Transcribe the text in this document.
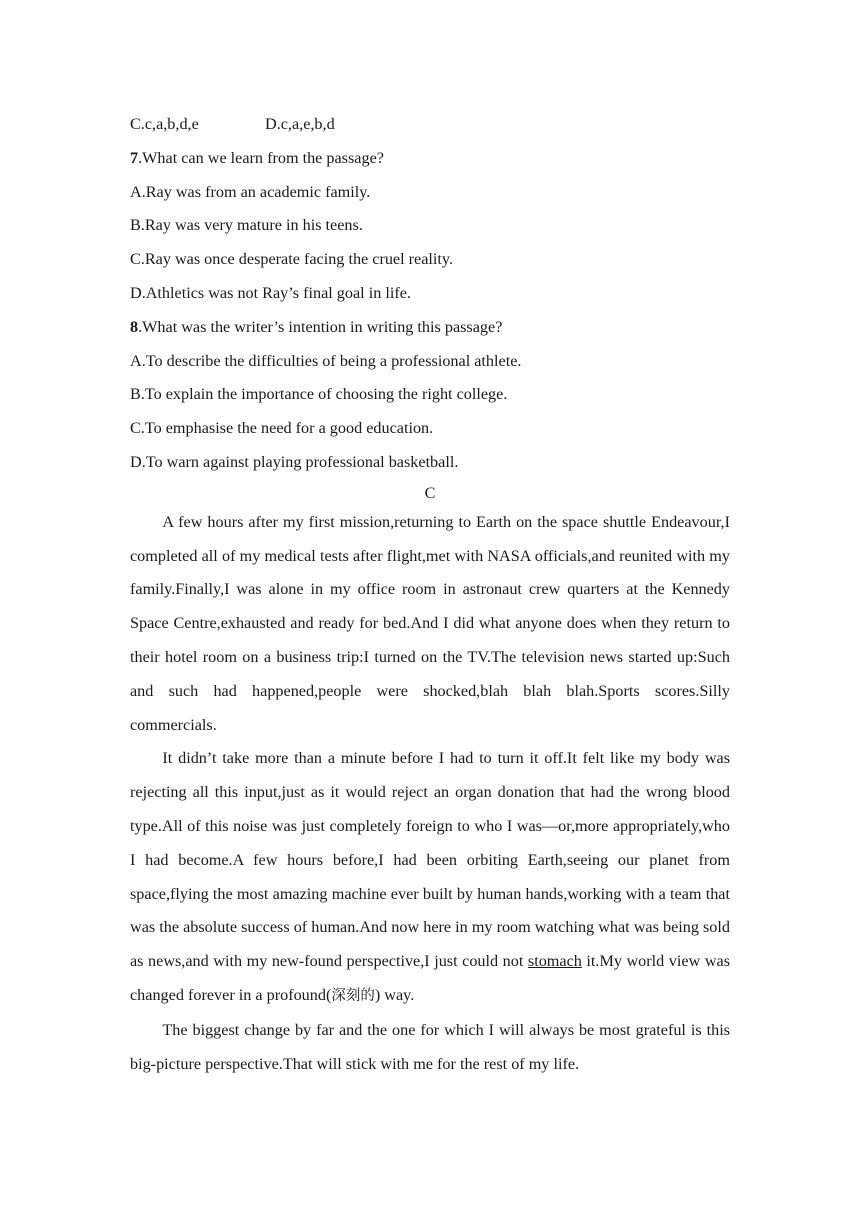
C.c,a,b,d,e	D.c,a,e,b,d
7.What can we learn from the passage?
A.Ray was from an academic family.
B.Ray was very mature in his teens.
C.Ray was once desperate facing the cruel reality.
D.Athletics was not Ray’s final goal in life.
8.What was the writer’s intention in writing this passage?
A.To describe the difficulties of being a professional athlete.
B.To explain the importance of choosing the right college.
C.To emphasise the need for a good education.
D.To warn against playing professional basketball.
C

A few hours after my first mission,returning to Earth on the space shuttle Endeavour,I completed all of my medical tests after flight,met with NASA officials,and reunited with my family.Finally,I was alone in my office room in astronaut crew quarters at the Kennedy Space Centre,exhausted and ready for bed.And I did what anyone does when they return to their hotel room on a business trip:I turned on the TV.The television news started up:Such and such had happened,people were shocked,blah blah blah.Sports scores.Silly commercials.

It didn’t take more than a minute before I had to turn it off.It felt like my body was rejecting all this input,just as it would reject an organ donation that had the wrong blood type.All of this noise was just completely foreign to who I was—or,more appropriately,who I had become.A few hours before,I had been orbiting Earth,seeing our planet from space,flying the most amazing machine ever built by human hands,working with a team that was the absolute success of human.And now here in my room watching what was being sold as news,and with my new-found perspective,I just could not stomach it.My world view was changed forever in a profound(深刻的) way.

The biggest change by far and the one for which I will always be most grateful is this big-picture perspective.That will stick with me for the rest of my life.
